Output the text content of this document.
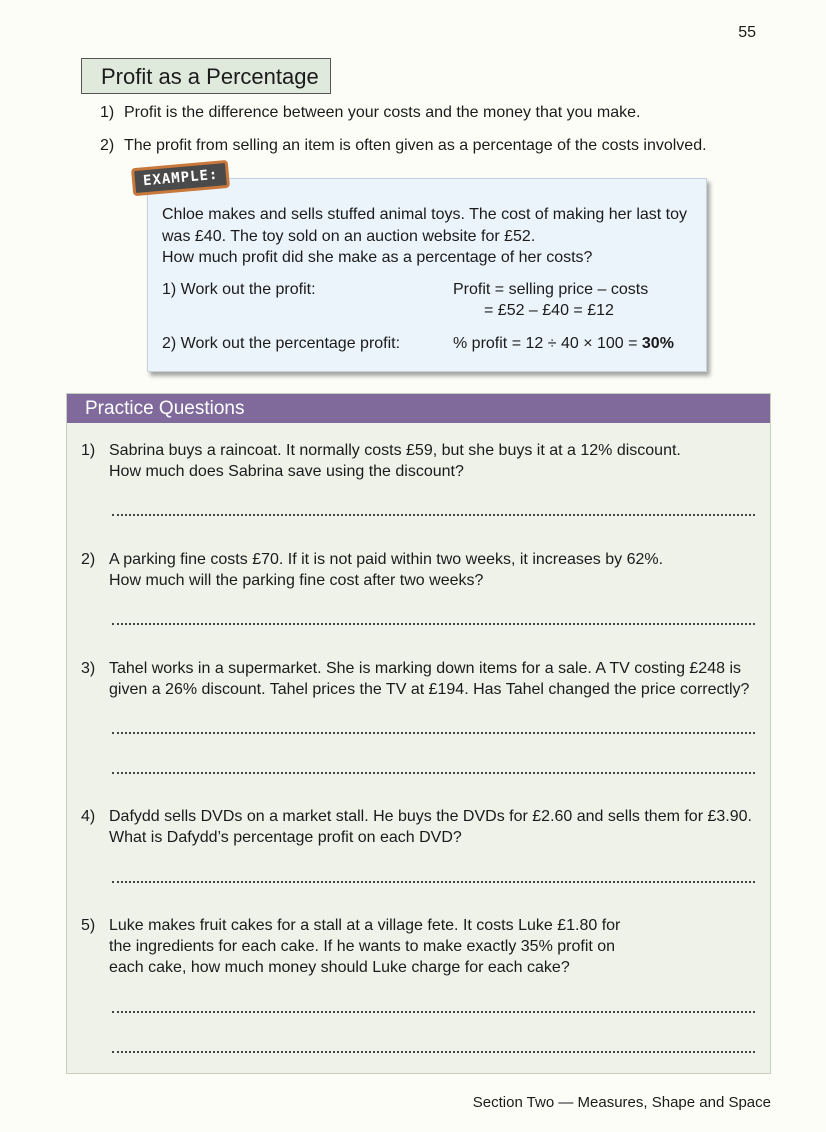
55
Profit as a Percentage
1) Profit is the difference between your costs and the money that you make.
2) The profit from selling an item is often given as a percentage of the costs involved.
EXAMPLE:
Chloe makes and sells stuffed animal toys. The cost of making her last toy
was £40. The toy sold on an auction website for £52.
How much profit did she make as a percentage of her costs?
1) Work out the profit:	Profit = selling price – costs
= £52 – £40 = £12
2) Work out the percentage profit:	% profit = 12 ÷ 40 × 100 = 30%
Practice Questions
1) Sabrina buys a raincoat. It normally costs £59, but she buys it at a 12% discount.
How much does Sabrina save using the discount?
2) A parking fine costs £70. If it is not paid within two weeks, it increases by 62%.
How much will the parking fine cost after two weeks?
3) Tahel works in a supermarket. She is marking down items for a sale. A TV costing £248 is
given a 26% discount. Tahel prices the TV at £194. Has Tahel changed the price correctly?
4) Dafydd sells DVDs on a market stall. He buys the DVDs for £2.60 and sells them for £3.90.
What is Dafydd’s percentage profit on each DVD?
5) Luke makes fruit cakes for a stall at a village fete. It costs Luke £1.80 for
the ingredients for each cake. If he wants to make exactly 35% profit on
each cake, how much money should Luke charge for each cake?
Section Two — Measures, Shape and Space
